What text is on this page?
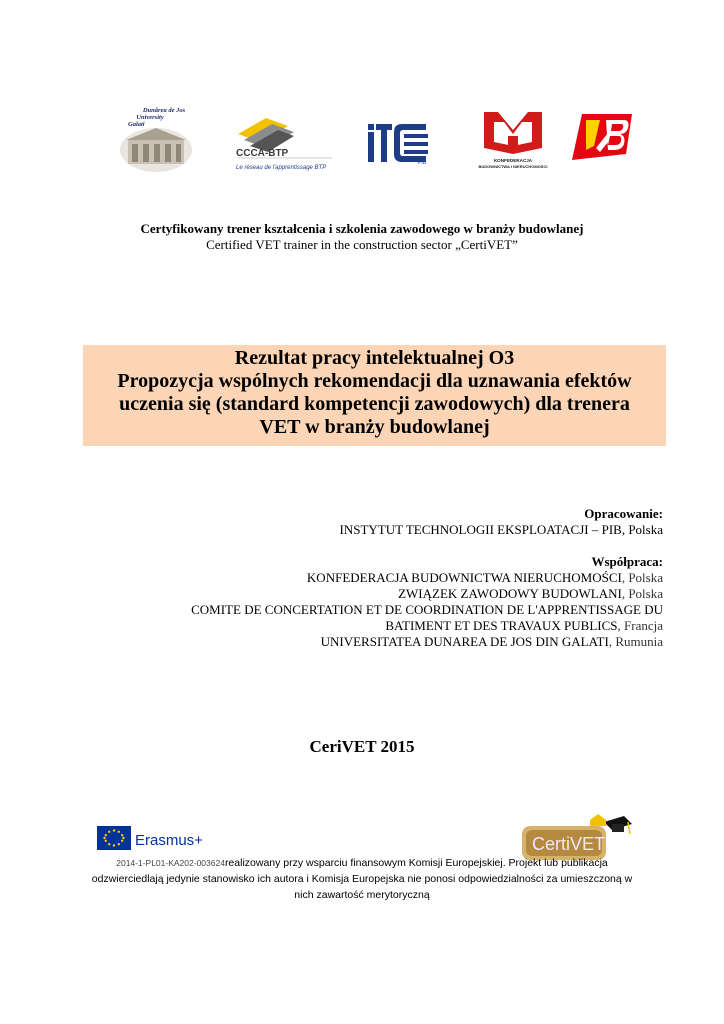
Dunărea de Jos
University
Galati
CCCA-BTP
Le réseau de l'apprentissage BTP
PIB	KONFEDERACJA
BUDOWNICTWA I NIERUCHOMOŚCI
Certyfikowany trener kształcenia i szkolenia zawodowego w branży budowlanej
Certified VET trainer in the construction sector „CertiVET”
Rezultat pracy intelektualnej O3
Propozycja wspólnych rekomendacji dla uznawania efektów
uczenia się (standard kompetencji zawodowych) dla trenera
VET w branży budowlanej
Opracowanie:
INSTYTUT TECHNOLOGII EKSPLOATACJI – PIB, Polska
Współpraca:
KONFEDERACJA BUDOWNICTWA NIERUCHOMOŚCI, Polska
ZWIĄZEK ZAWODOWY BUDOWLANI, Polska
COMITE DE CONCERTATION ET DE COORDINATION DE L'APPRENTISSAGE DU
BATIMENT ET DES TRAVAUX PUBLICS, Francja
UNIVERSITATEA DUNAREA DE JOS DIN GALATI, Rumunia
CeriVET 2015
Erasmus+	CertiVET
2014-1-PL01-KA202-003624realizowany przy wsparciu finansowym Komisji Europejskiej. Projekt lub publikacja
odzwierciedlają jedynie stanowisko ich autora i Komisja Europejska nie ponosi odpowiedzialności za umieszczoną w
nich zawartość merytoryczną
